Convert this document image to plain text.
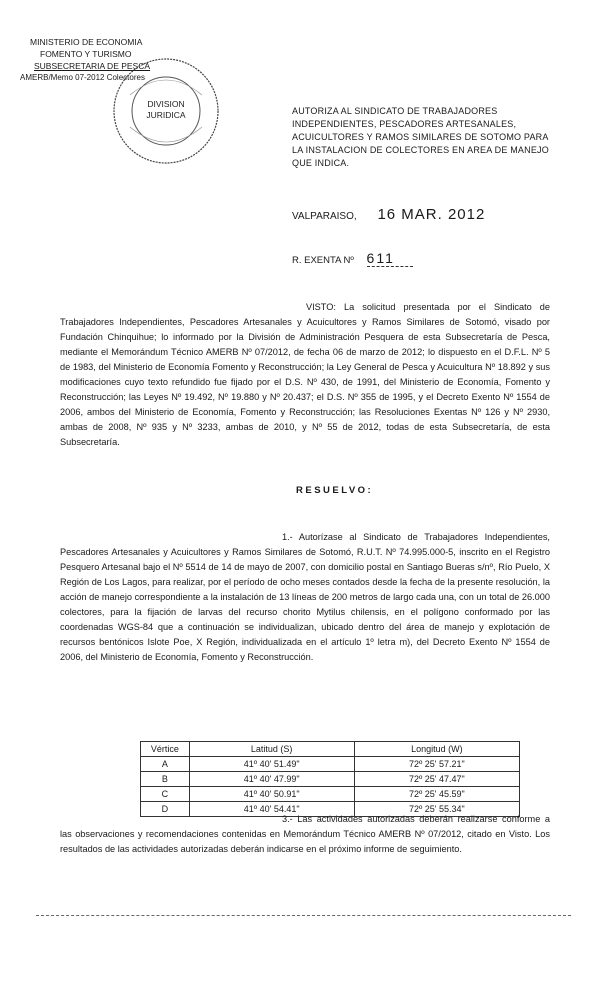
MINISTERIO DE ECONOMIA
FOMENTO Y TURISMO
SUBSECRETARIA DE PESCA
AMERB/Memo 07-2012 Colectores
DIVISION
JURIDICA	AUTORIZA AL SINDICATO DE TRABAJADORES INDEPENDIENTES, PESCADORES ARTESANALES, ACUICULTORES Y RAMOS SIMILARES DE SOTOMO PARA LA INSTALACION DE COLECTORES EN AREA DE MANEJO QUE INDICA.
VALPARAISO, 16 MAR. 2012
R. EXENTA Nº 611
VISTO: La solicitud presentada por el Sindicato de Trabajadores Independientes, Pescadores Artesanales y Acuicultores y Ramos Similares de Sotomó, visado por Fundación Chinquihue; lo informado por la División de Administración Pesquera de esta Subsecretaría de Pesca, mediante el Memorándum Técnico AMERB Nº 07/2012, de fecha 06 de marzo de 2012; lo dispuesto en el D.F.L. Nº 5 de 1983, del Ministerio de Economía Fomento y Reconstrucción; la Ley General de Pesca y Acuicultura Nº 18.892 y sus modificaciones cuyo texto refundido fue fijado por el D.S. Nº 430, de 1991, del Ministerio de Economía, Fomento y Reconstrucción; las Leyes Nº 19.492, Nº 19.880 y Nº 20.437; el D.S. Nº 355 de 1995, y el Decreto Exento Nº 1554 de 2006, ambos del Ministerio de Economía, Fomento y Reconstrucción; las Resoluciones Exentas Nº 126 y Nº 2930, ambas de 2008, Nº 935 y Nº 3233, ambas de 2010, y Nº 55 de 2012, todas de esta Subsecretaría, de esta Subsecretaría.
RESUELVO:
1.- Autorízase al Sindicato de Trabajadores Independientes, Pescadores Artesanales y Acuicultores y Ramos Similares de Sotomó, R.U.T. Nº 74.995.000-5, inscrito en el Registro Pesquero Artesanal bajo el Nº 5514 de 14 de mayo de 2007, con domicilio postal en Santiago Bueras s/nº, Río Puelo, X Región de Los Lagos, para realizar, por el período de ocho meses contados desde la fecha de la presente resolución, la acción de manejo correspondiente a la instalación de 13 líneas de 200 metros de largo cada una, con un total de 26.000 colectores, para la fijación de larvas del recurso chorito Mytilus chilensis, en el polígono conformado por las coordenadas WGS-84 que a continuación se individualizan, ubicado dentro del área de manejo y explotación de recursos bentónicos Islote Poe, X Región, individualizada en el artículo 1º letra m), del Decreto Exento Nº 1554 de 2006, del Ministerio de Economía, Fomento y Reconstrucción.
Vértice	Latitud (S)	Longitud (W)
A	41º 40' 51.49"	72º 25' 57.21"
B	41º 40' 47.99"	72º 25' 47.47"
C	41º 40' 50.91"	72º 25' 45.59"
D	41º 40' 54.41"	72º 25' 55.34"
3.- Las actividades autorizadas deberán realizarse conforme a las observaciones y recomendaciones contenidas en Memorándum Técnico AMERB Nº 07/2012, citado en Visto. Los resultados de las actividades autorizadas deberán indicarse en el próximo informe de seguimiento.
